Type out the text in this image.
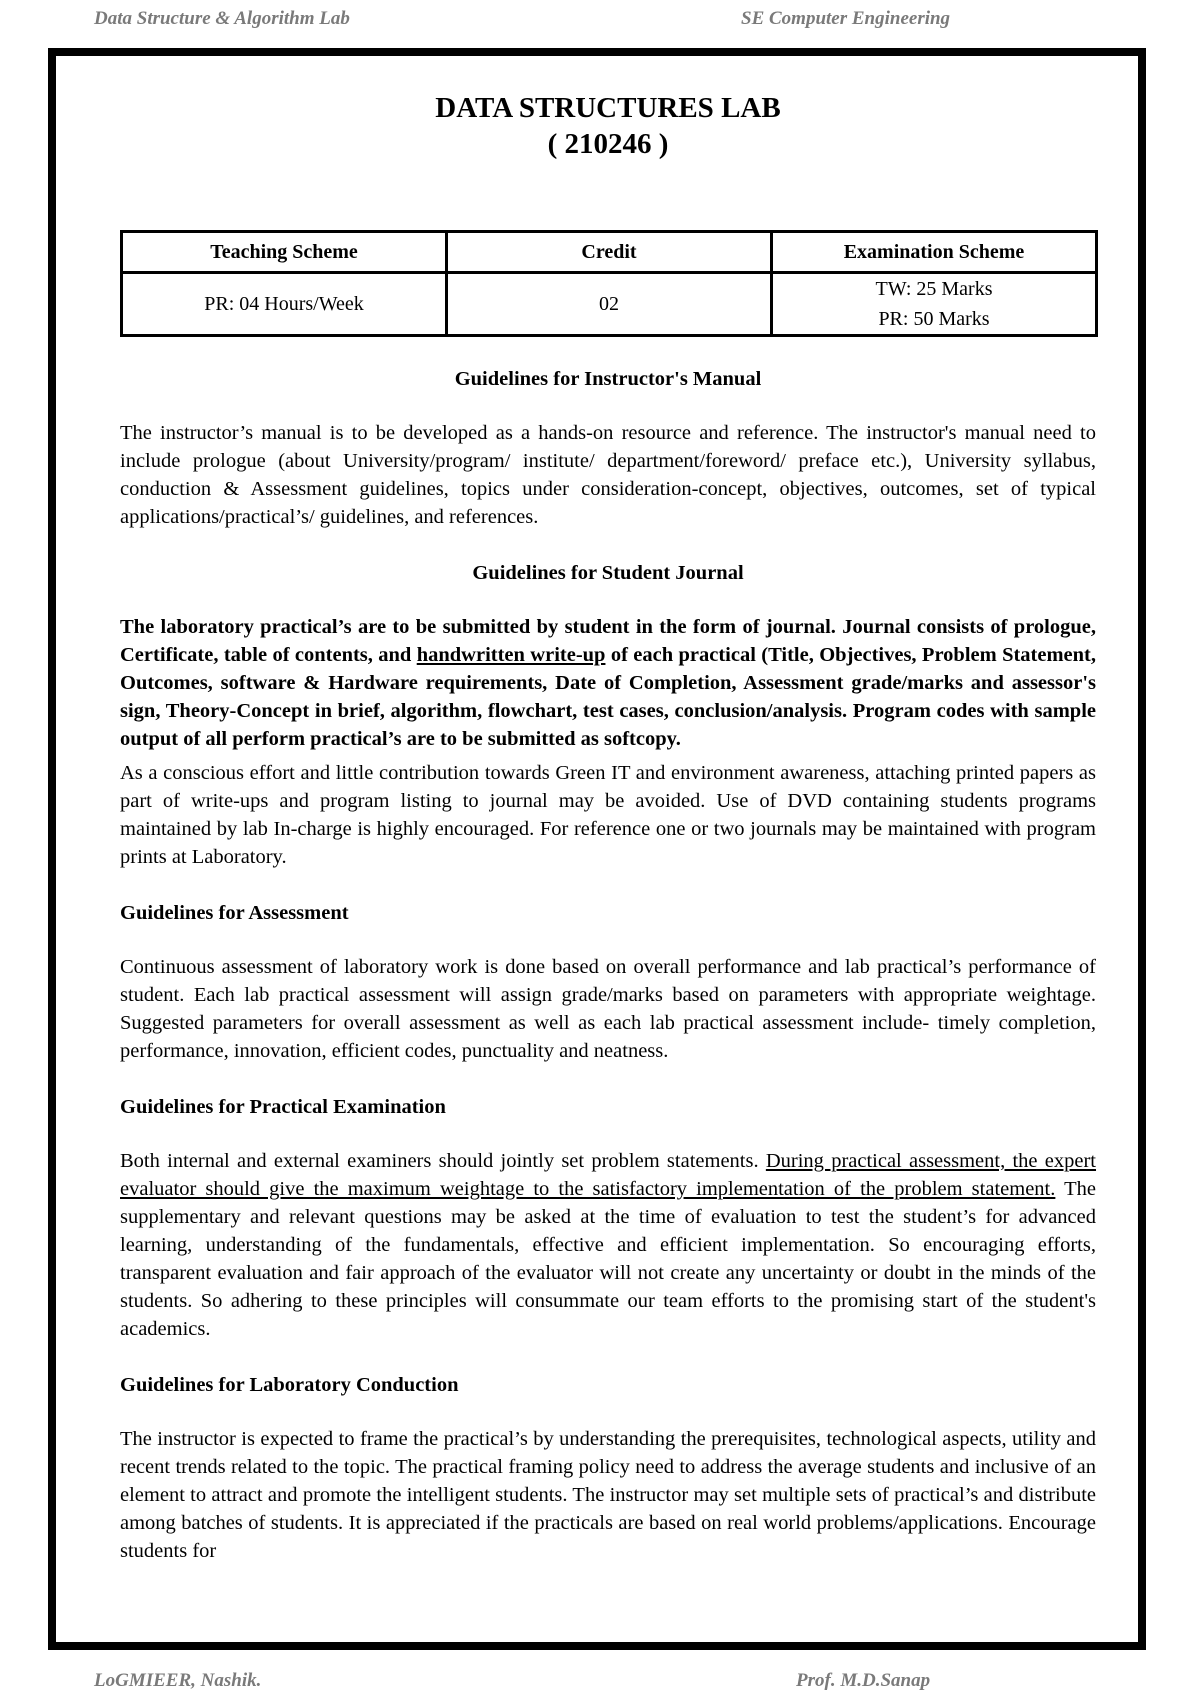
Data Structure & Algorithm Lab	SE Computer Engineering
DATA STRUCTURES LAB
( 210246 )
Teaching Scheme	Credit	Examination Scheme
PR: 04 Hours/Week	02	TW: 25 Marks
PR: 50 Marks
Guidelines for Instructor's Manual

The instructor’s manual is to be developed as a hands-on resource and reference. The instructor's manual need to include prologue (about University/program/ institute/ department/foreword/ preface etc.), University syllabus, conduction & Assessment guidelines, topics under consideration-concept, objectives, outcomes, set of typical applications/practical’s/ guidelines, and references.

Guidelines for Student Journal

The laboratory practical’s are to be submitted by student in the form of journal. Journal consists of prologue, Certificate, table of contents, and handwritten write-up of each practical (Title, Objectives, Problem Statement, Outcomes, software & Hardware requirements, Date of Completion, Assessment grade/marks and assessor's sign, Theory-Concept in brief, algorithm, flowchart, test cases, conclusion/analysis. Program codes with sample output of all perform practical’s are to be submitted as softcopy.

As a conscious effort and little contribution towards Green IT and environment awareness, attaching printed papers as part of write-ups and program listing to journal may be avoided. Use of DVD containing students programs maintained by lab In-charge is highly encouraged. For reference one or two journals may be maintained with program prints at Laboratory.

Guidelines for Assessment

Continuous assessment of laboratory work is done based on overall performance and lab practical’s performance of student. Each lab practical assessment will assign grade/marks based on parameters with appropriate weightage. Suggested parameters for overall assessment as well as each lab practical assessment include- timely completion, performance, innovation, efficient codes, punctuality and neatness.

Guidelines for Practical Examination

Both internal and external examiners should jointly set problem statements. During practical assessment, the expert evaluator should give the maximum weightage to the satisfactory implementation of the problem statement. The supplementary and relevant questions may be asked at the time of evaluation to test the student’s for advanced learning, understanding of the fundamentals, effective and efficient implementation. So encouraging efforts, transparent evaluation and fair approach of the evaluator will not create any uncertainty or doubt in the minds of the students. So adhering to these principles will consummate our team efforts to the promising start of the student's academics.

Guidelines for Laboratory Conduction

The instructor is expected to frame the practical’s by understanding the prerequisites, technological aspects, utility and recent trends related to the topic. The practical framing policy need to address the average students and inclusive of an element to attract and promote the intelligent students. The instructor may set multiple sets of practical’s and distribute among batches of students. It is appreciated if the practicals are based on real world problems/applications. Encourage students for

LoGMIEER, Nashik.	Prof. M.D.Sanap
